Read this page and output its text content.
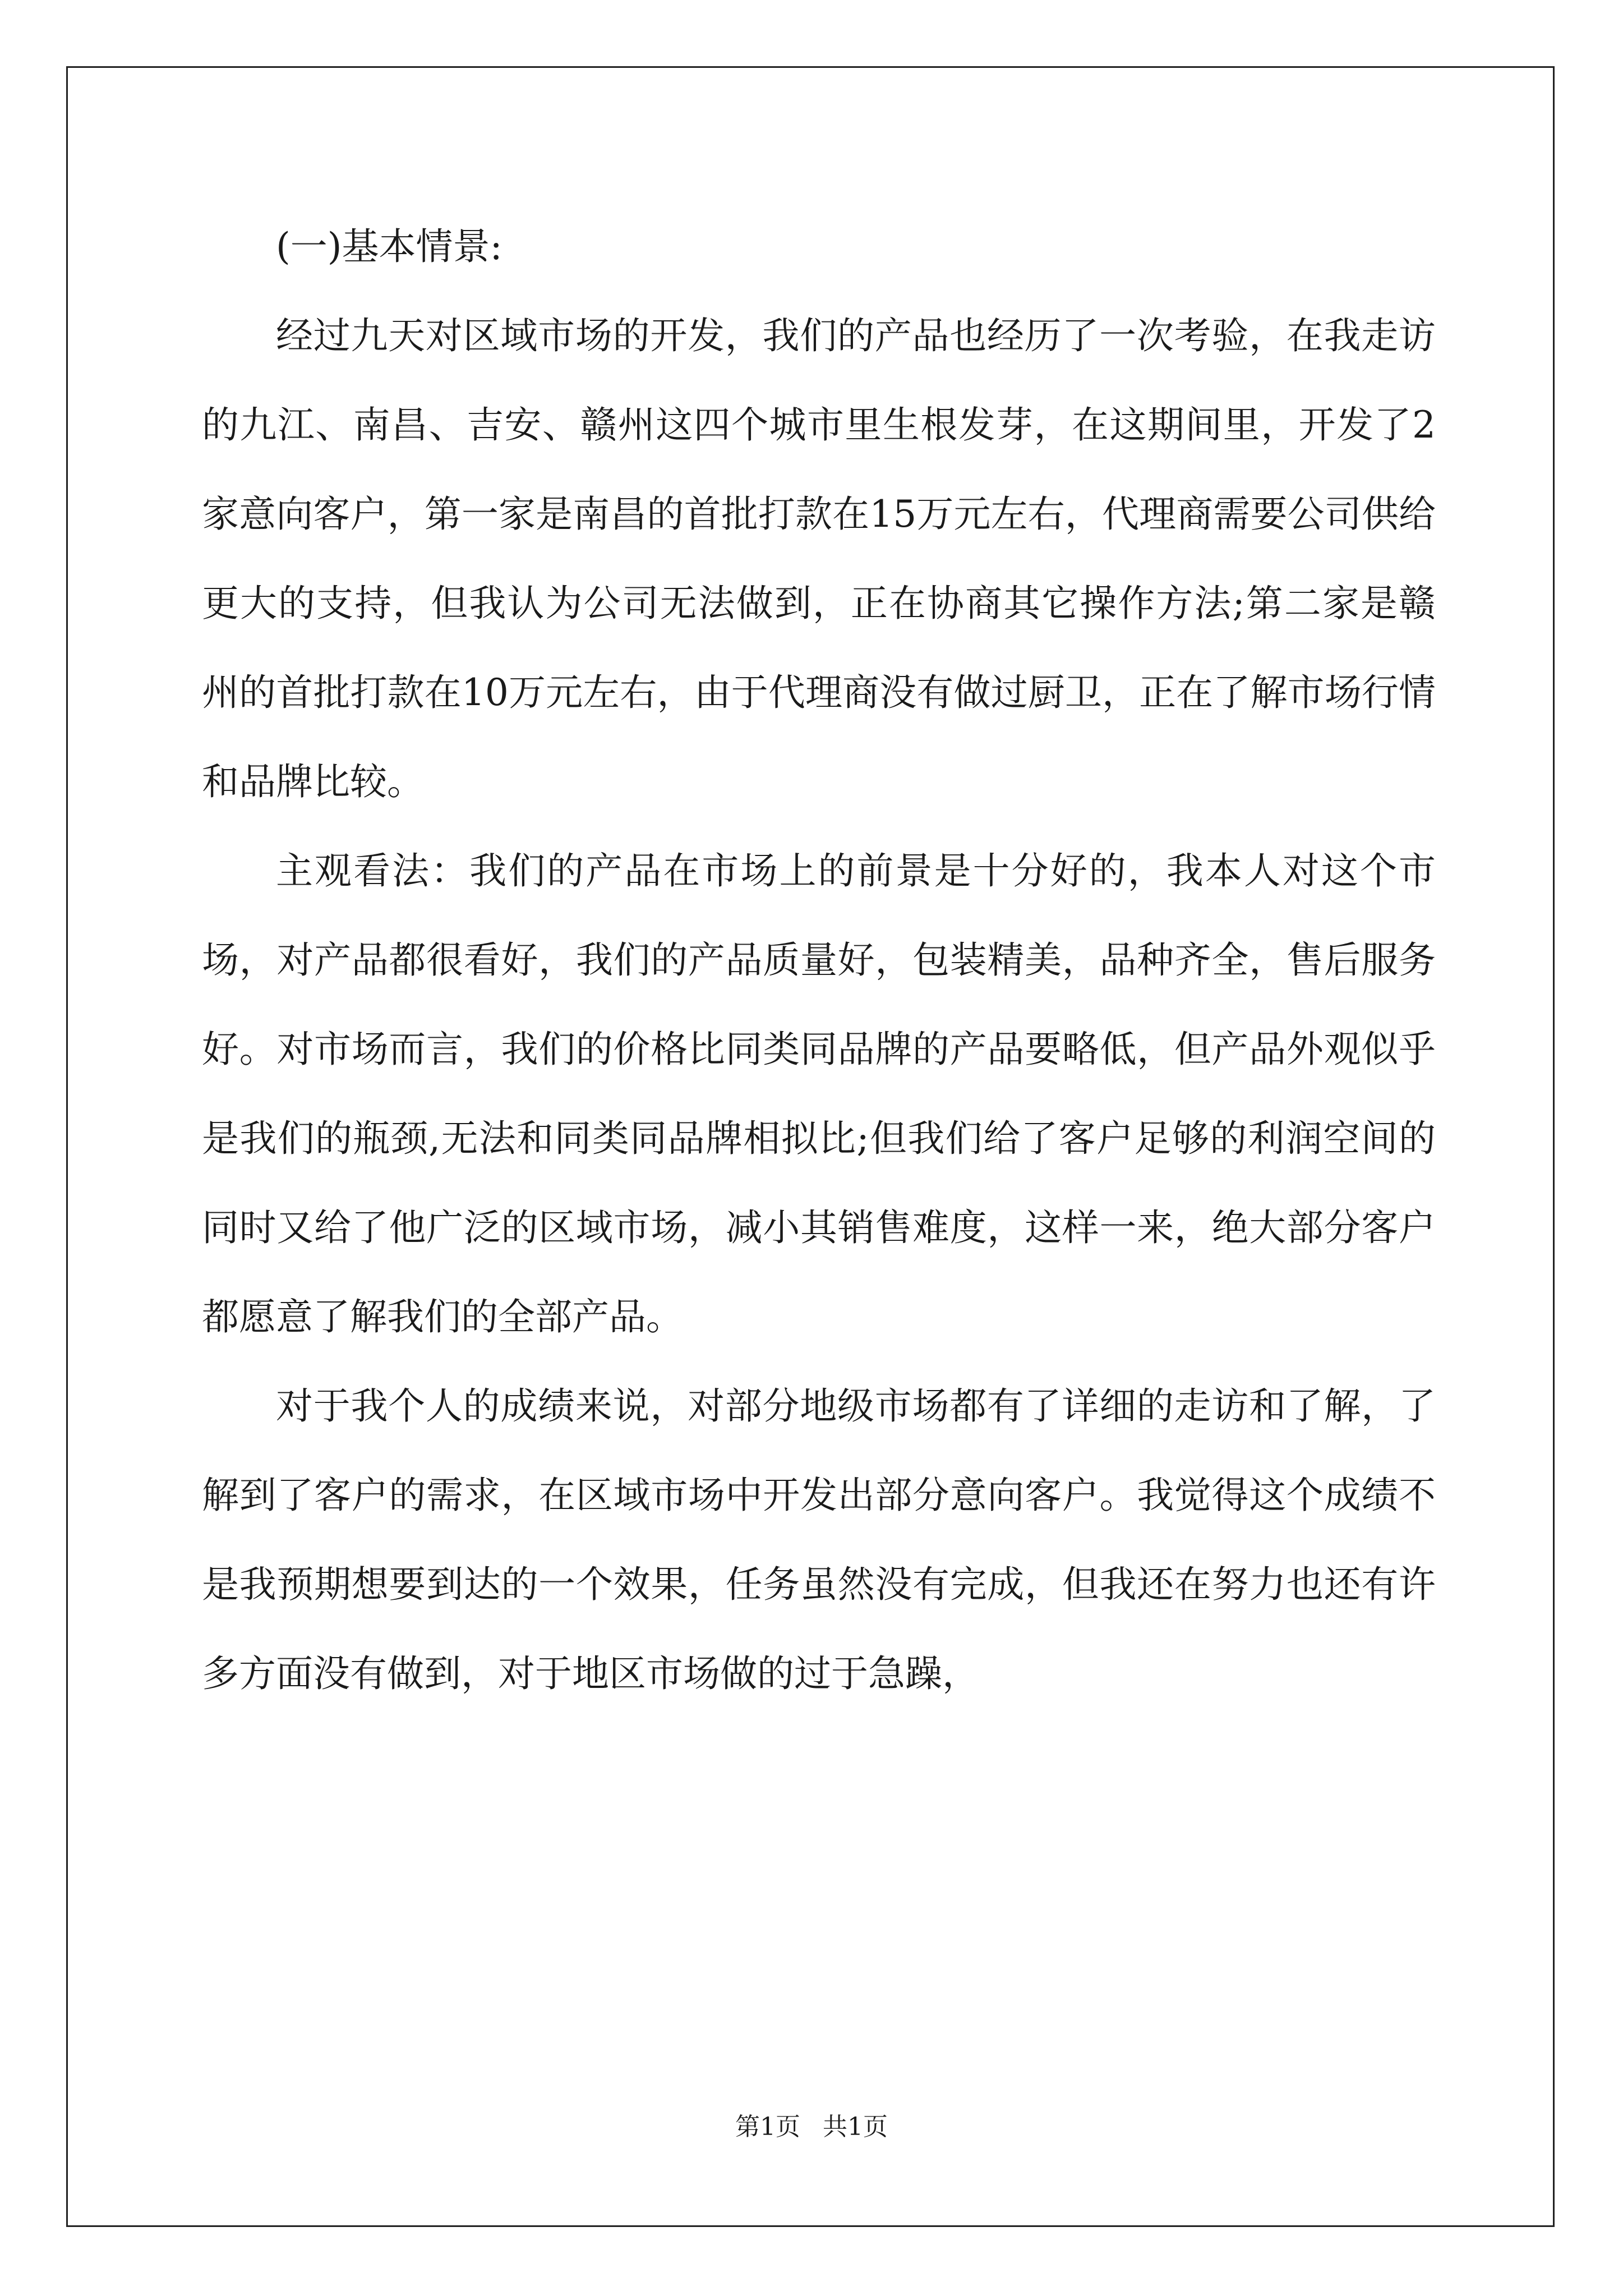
(一)基本情景:

经过九天对区域市场的开发，我们的产品也经历了一次考验，在我走访的九江、南昌、吉安、赣州这四个城市里生根发芽，在这期间里，开发了2家意向客户，第一家是南昌的首批打款在15万元左右，代理商需要公司供给更大的支持，但我认为公司无法做到，正在协商其它操作方法;第二家是赣州的首批打款在10万元左右，由于代理商没有做过厨卫，正在了解市场行情和品牌比较。

主观看法：我们的产品在市场上的前景是十分好的，我本人对这个市场，对产品都很看好，我们的产品质量好，包装精美，品种齐全，售后服务好。对市场而言，我们的价格比同类同品牌的产品要略低，但产品外观似乎是我们的瓶颈,无法和同类同品牌相拟比;但我们给了客户足够的利润空间的同时又给了他广泛的区域市场，减小其销售难度，这样一来，绝大部分客户都愿意了解我们的全部产品。

对于我个人的成绩来说，对部分地级市场都有了详细的走访和了解，了解到了客户的需求，在区域市场中开发出部分意向客户。我觉得这个成绩不是我预期想要到达的一个效果，任务虽然没有完成，但我还在努力也还有许多方面没有做到，对于地区市场做的过于急躁，

第1页 共1页
